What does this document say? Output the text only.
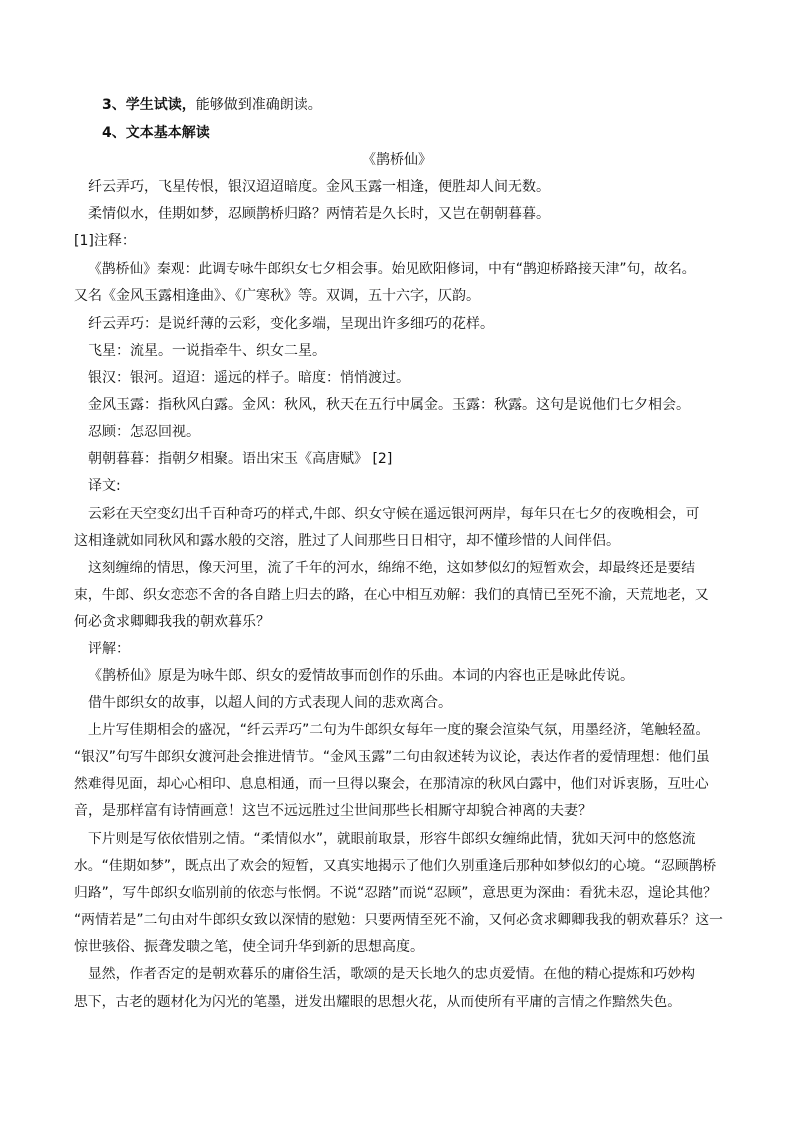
3、学生试读，能够做到准确朗读。
4、文本基本解读
《鹊桥仙》
纤云弄巧，飞星传恨，银汉迢迢暗度。金风玉露一相逢，便胜却人间无数。
柔情似水，佳期如梦，忍顾鹊桥归路？两情若是久长时，又岂在朝朝暮暮。
[1]注释：
《鹊桥仙》秦观：此调专咏牛郎织女七夕相会事。始见欧阳修词，中有“鹊迎桥路接天津”句，故名。
又名《金风玉露相逢曲》、《广寒秋》等。双调，五十六字，仄韵。
纤云弄巧：是说纤薄的云彩，变化多端，呈现出许多细巧的花样。
飞星：流星。一说指牵牛、织女二星。
银汉：银河。迢迢：遥远的样子。暗度：悄悄渡过。
金风玉露：指秋风白露。金风：秋风，秋天在五行中属金。玉露：秋露。这句是说他们七夕相会。
忍顾：怎忍回视。
朝朝暮暮：指朝夕相聚。语出宋玉《高唐赋》 [2]
译文:
云彩在天空变幻出千百种奇巧的样式,牛郎、织女守候在遥远银河两岸，每年只在七夕的夜晚相会，可
这相逢就如同秋风和露水般的交溶，胜过了人间那些日日相守，却不懂珍惜的人间伴侣。
这刻缠绵的情思，像天河里，流了千年的河水，绵绵不绝，这如梦似幻的短暂欢会，却最终还是要结
束，牛郎、织女恋恋不舍的各自踏上归去的路，在心中相互劝解：我们的真情已至死不渝，天荒地老，又
何必贪求卿卿我我的朝欢暮乐？
评解：
《鹊桥仙》原是为咏牛郎、织女的爱情故事而创作的乐曲。本词的内容也正是咏此传说。
借牛郎织女的故事，以超人间的方式表现人间的悲欢离合。
上片写佳期相会的盛况，“纤云弄巧”二句为牛郎织女每年一度的聚会渲染气氛，用墨经济，笔触轻盈。
“银汉”句写牛郎织女渡河赴会推进情节。“金风玉露”二句由叙述转为议论，表达作者的爱情理想：他们虽
然难得见面，却心心相印、息息相通，而一旦得以聚会，在那清凉的秋风白露中，他们对诉衷肠，互吐心
音，是那样富有诗情画意！这岂不远远胜过尘世间那些长相厮守却貌合神离的夫妻？
下片则是写依依惜别之情。“柔情似水”，就眼前取景，形容牛郎织女缠绵此情，犹如天河中的悠悠流
水。“佳期如梦”，既点出了欢会的短暂，又真实地揭示了他们久别重逢后那种如梦似幻的心境。“忍顾鹊桥
归路”，写牛郎织女临别前的依恋与怅惘。不说“忍踏”而说“忍顾”，意思更为深曲：看犹未忍，遑论其他？
“两情若是”二句由对牛郎织女致以深情的慰勉：只要两情至死不渝，又何必贪求卿卿我我的朝欢暮乐？这一
惊世骇俗、振聋发聩之笔，使全词升华到新的思想高度。
显然，作者否定的是朝欢暮乐的庸俗生活，歌颂的是天长地久的忠贞爱情。在他的精心提炼和巧妙构
思下，古老的题材化为闪光的笔墨，迸发出耀眼的思想火花，从而使所有平庸的言情之作黯然失色。
